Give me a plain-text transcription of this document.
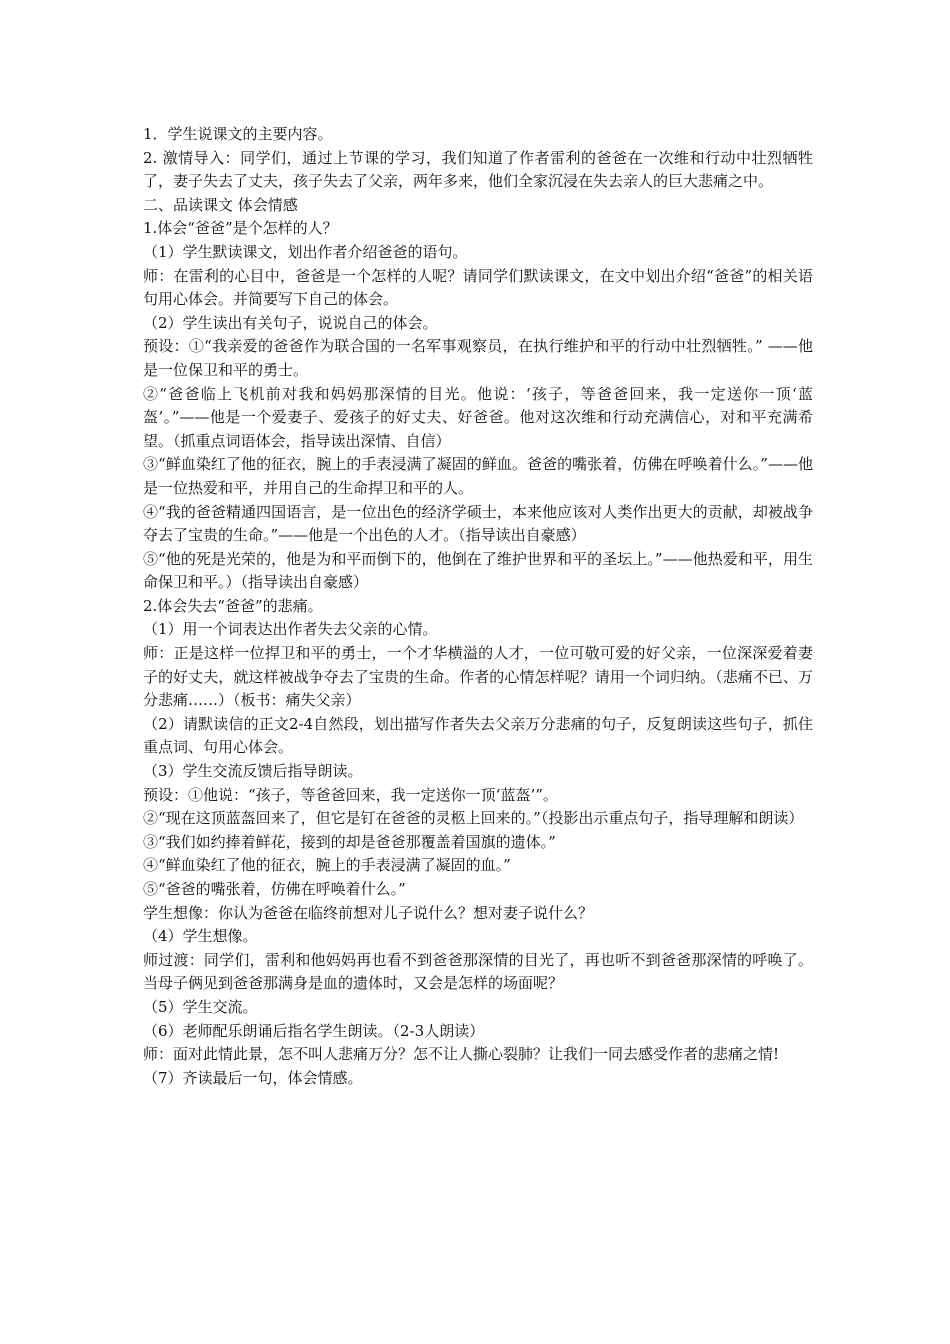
1．学生说课文的主要内容。

2. 激情导入：同学们，通过上节课的学习，我们知道了作者雷利的爸爸在一次维和行动中壮烈牺牲了，妻子失去了丈夫，孩子失去了父亲，两年多来，他们全家沉浸在失去亲人的巨大悲痛之中。

二、品读课文 体会情感

1.体会“爸爸”是个怎样的人？

（1）学生默读课文，划出作者介绍爸爸的语句。

师：在雷利的心目中，爸爸是一个怎样的人呢？请同学们默读课文，在文中划出介绍“爸爸”的相关语句用心体会。并简要写下自己的体会。

（2）学生读出有关句子，说说自己的体会。

预设：①“我亲爱的爸爸作为联合国的一名军事观察员，在执行维护和平的行动中壮烈牺牲。” ——他是一位保卫和平的勇士。

②“爸爸临上飞机前对我和妈妈那深情的目光。他说：‘孩子，等爸爸回来，我一定送你一顶‘蓝盔’。”——他是一个爱妻子、爱孩子的好丈夫、好爸爸。他对这次维和行动充满信心，对和平充满希望。（抓重点词语体会，指导读出深情、自信）

③“鲜血染红了他的征衣，腕上的手表浸满了凝固的鲜血。爸爸的嘴张着，仿佛在呼唤着什么。”——他是一位热爱和平，并用自己的生命捍卫和平的人。

④“我的爸爸精通四国语言，是一位出色的经济学硕士，本来他应该对人类作出更大的贡献，却被战争夺去了宝贵的生命。”——他是一个出色的人才。（指导读出自豪感）

⑤“他的死是光荣的，他是为和平而倒下的，他倒在了维护世界和平的圣坛上。”——他热爱和平，用生命保卫和平。）（指导读出自豪感）

2.体会失去“爸爸”的悲痛。

（1）用一个词表达出作者失去父亲的心情。

师：正是这样一位捍卫和平的勇士，一个才华横溢的人才，一位可敬可爱的好父亲，一位深深爱着妻子的好丈夫，就这样被战争夺去了宝贵的生命。作者的心情怎样呢？请用一个词归纳。（悲痛不已、万分悲痛……）（板书：痛失父亲）

（2）请默读信的正文2-4自然段，划出描写作者失去父亲万分悲痛的句子，反复朗读这些句子，抓住重点词、句用心体会。

（3）学生交流反馈后指导朗读。

预设：①他说：“孩子，等爸爸回来，我一定送你一顶‘蓝盔’”。

②“现在这顶蓝盔回来了，但它是钉在爸爸的灵柩上回来的。”（投影出示重点句子，指导理解和朗读）

③“我们如约捧着鲜花，接到的却是爸爸那覆盖着国旗的遗体。”

④“鲜血染红了他的征衣，腕上的手表浸满了凝固的血。”

⑤“爸爸的嘴张着，仿佛在呼唤着什么。”

学生想像：你认为爸爸在临终前想对儿子说什么？想对妻子说什么？

（4）学生想像。

师过渡：同学们，雷利和他妈妈再也看不到爸爸那深情的目光了，再也听不到爸爸那深情的呼唤了。当母子俩见到爸爸那满身是血的遗体时，又会是怎样的场面呢？

（5）学生交流。

（6）老师配乐朗诵后指名学生朗读。（2-3人朗读）

师：面对此情此景，怎不叫人悲痛万分？怎不让人撕心裂肺？让我们一同去感受作者的悲痛之情!

（7）齐读最后一句，体会情感。
